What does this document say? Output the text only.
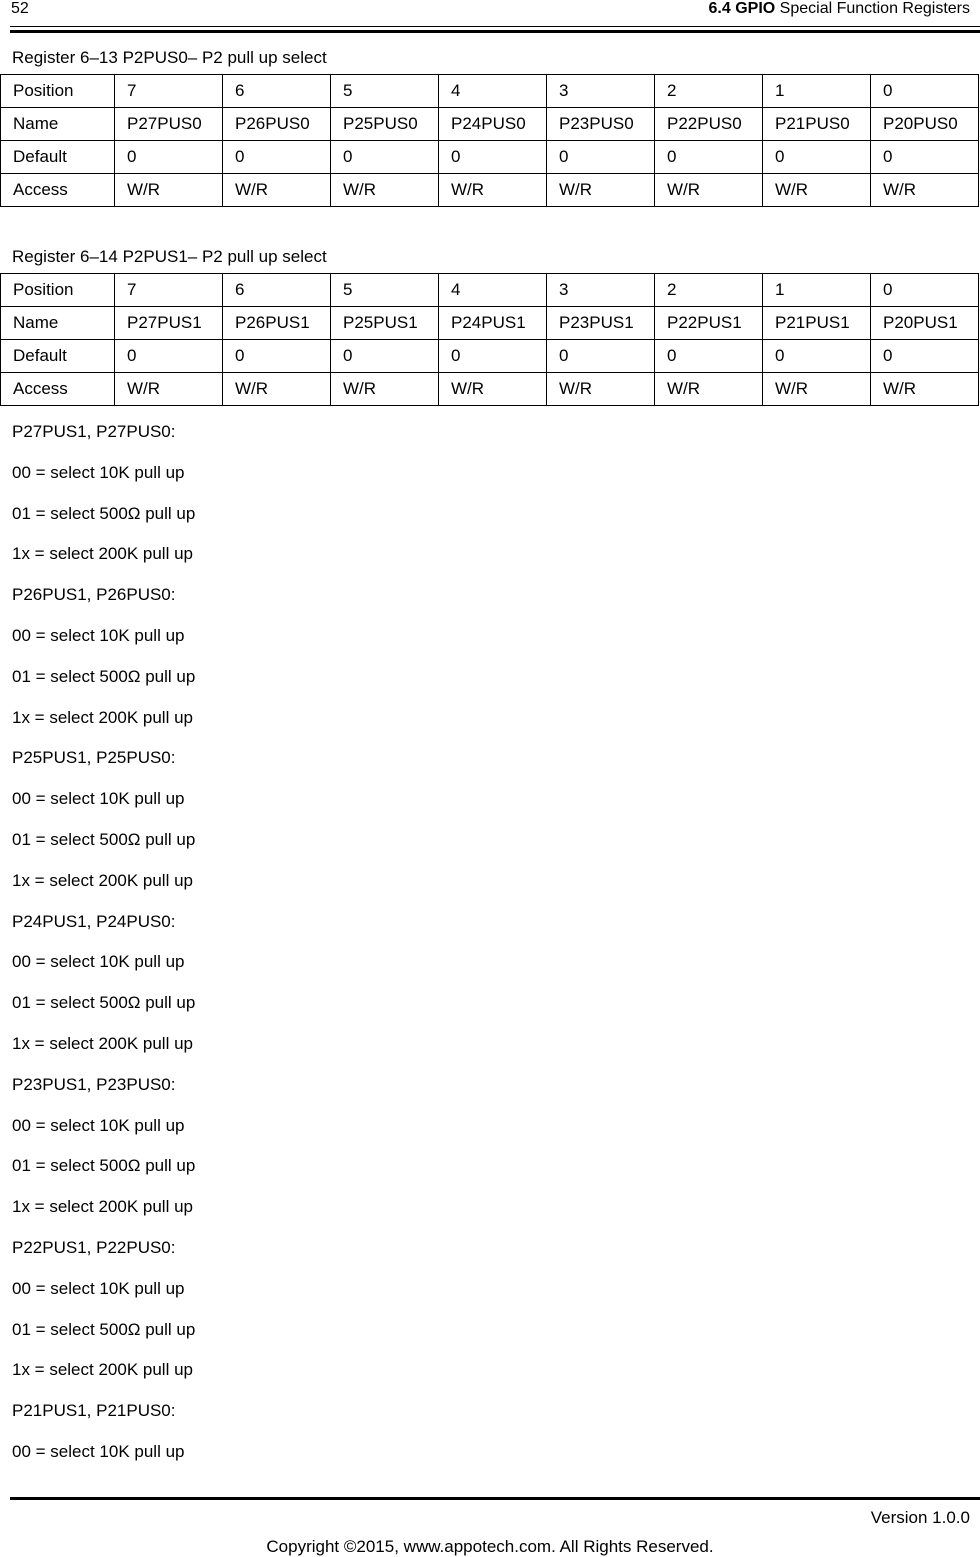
52	6.4 GPIO Special Function Registers
Register 6–13 P2PUS0– P2 pull up select
Position	7	6	5	4	3	2	1	0
Name	P27PUS0	P26PUS0	P25PUS0	P24PUS0	P23PUS0	P22PUS0	P21PUS0	P20PUS0
Default	0	0	0	0	0	0	0	0
Access	W/R	W/R	W/R	W/R	W/R	W/R	W/R	W/R
Register 6–14 P2PUS1– P2 pull up select
Position	7	6	5	4	3	2	1	0
Name	P27PUS1	P26PUS1	P25PUS1	P24PUS1	P23PUS1	P22PUS1	P21PUS1	P20PUS1
Default	0	0	0	0	0	0	0	0
Access	W/R	W/R	W/R	W/R	W/R	W/R	W/R	W/R
P27PUS1, P27PUS0:
00 = select 10K pull up
01 = select 500Ω pull up
1x = select 200K pull up
P26PUS1, P26PUS0:
00 = select 10K pull up
01 = select 500Ω pull up
1x = select 200K pull up
P25PUS1, P25PUS0:
00 = select 10K pull up
01 = select 500Ω pull up
1x = select 200K pull up
P24PUS1, P24PUS0:
00 = select 10K pull up
01 = select 500Ω pull up
1x = select 200K pull up
P23PUS1, P23PUS0:
00 = select 10K pull up
01 = select 500Ω pull up
1x = select 200K pull up
P22PUS1, P22PUS0:
00 = select 10K pull up
01 = select 500Ω pull up
1x = select 200K pull up
P21PUS1, P21PUS0:
00 = select 10K pull up
Version 1.0.0
Copyright ©2015, www.appotech.com. All Rights Reserved.
